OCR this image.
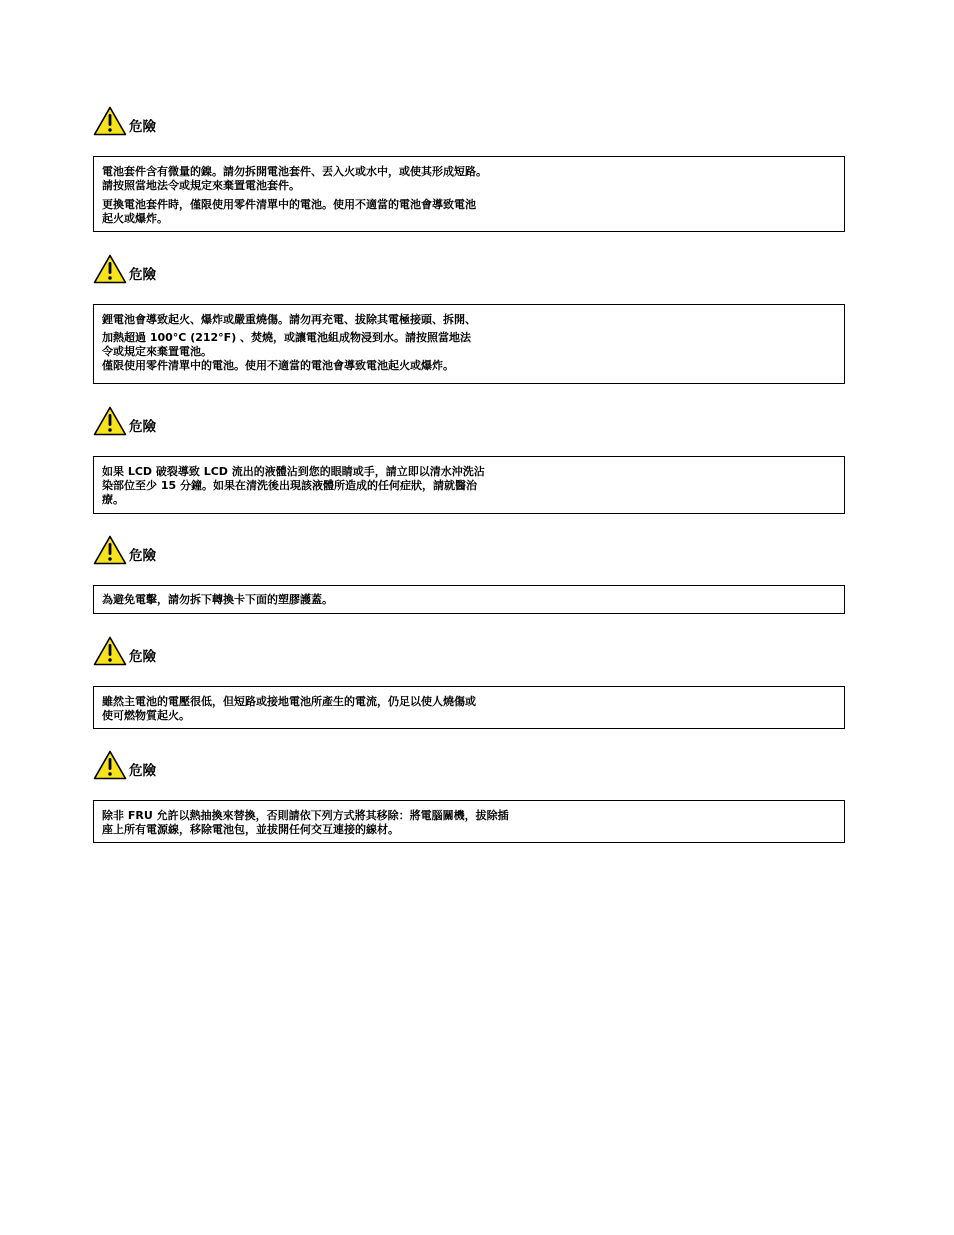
危險

電池套件含有微量的鎳。請勿拆開電池套件、丟入火或水中，或使其形成短路。
請按照當地法令或規定來棄置電池套件。

更換電池套件時，僅限使用零件清單中的電池。使用不適當的電池會導致電池
起火或爆炸。

危險

鋰電池會導致起火、爆炸或嚴重燒傷。請勿再充電、拔除其電極接頭、拆開、

加熱超過 100°C (212°F) 、焚燒，或讓電池組成物浸到水。請按照當地法
令或規定來棄置電池。
僅限使用零件清單中的電池。使用不適當的電池會導致電池起火或爆炸。

危險

如果 LCD 破裂導致 LCD 流出的液體沾到您的眼睛或手，請立即以清水沖洗沾
染部位至少 15 分鐘。如果在清洗後出現該液體所造成的任何症狀，請就醫治
療。

危險

為避免電擊，請勿拆下轉換卡下面的塑膠護蓋。

危險

雖然主電池的電壓很低，但短路或接地電池所產生的電流，仍足以使人燒傷或
使可燃物質起火。

危險

除非 FRU 允許以熱抽換來替換，否則請依下列方式將其移除：將電腦關機，拔除插
座上所有電源線，移除電池包，並拔開任何交互連接的線材。
